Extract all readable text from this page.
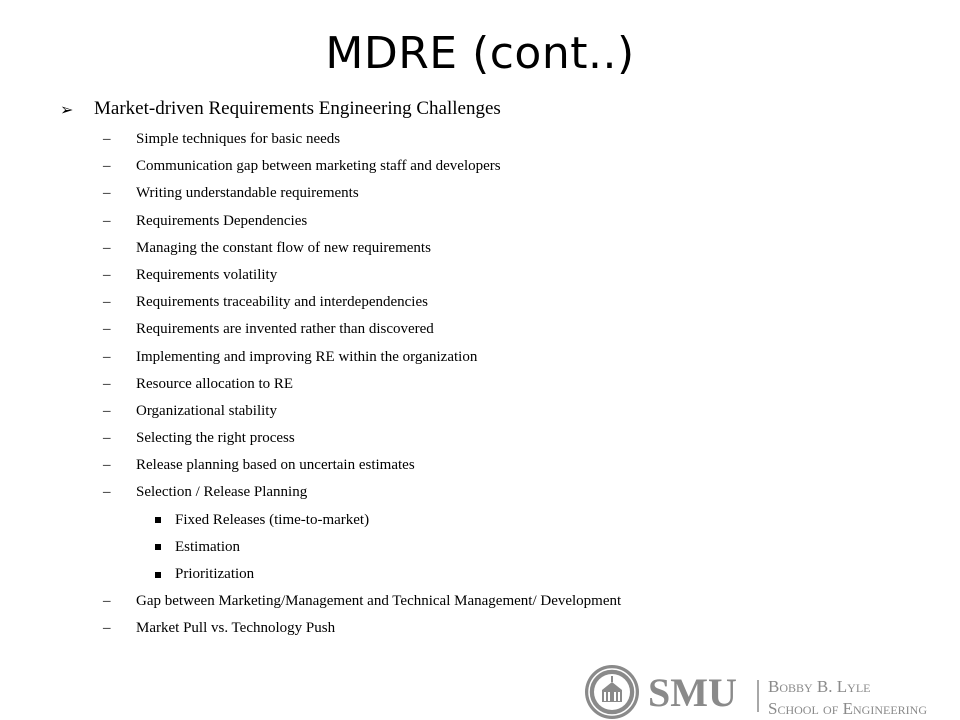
MDRE (cont..)
➢	Market-driven Requirements Engineering Challenges
–	Simple techniques for basic needs
–	Communication gap between marketing staff and developers
–	Writing understandable requirements
–	Requirements Dependencies
–	Managing the constant flow of new requirements
–	Requirements volatility
–	Requirements traceability and interdependencies
–	Requirements are invented rather than discovered
–	Implementing and improving RE within the organization
–	Resource allocation to RE
–	Organizational stability
–	Selecting the right process
–	Release planning based on uncertain estimates
–	Selection / Release Planning
Fixed Releases (time-to-market)
Estimation
Prioritization
–	Gap between Marketing/Management and Technical Management/ Development
–	Market Pull vs. Technology Push
SMU Bobby B. Lyle
School of Engineering
